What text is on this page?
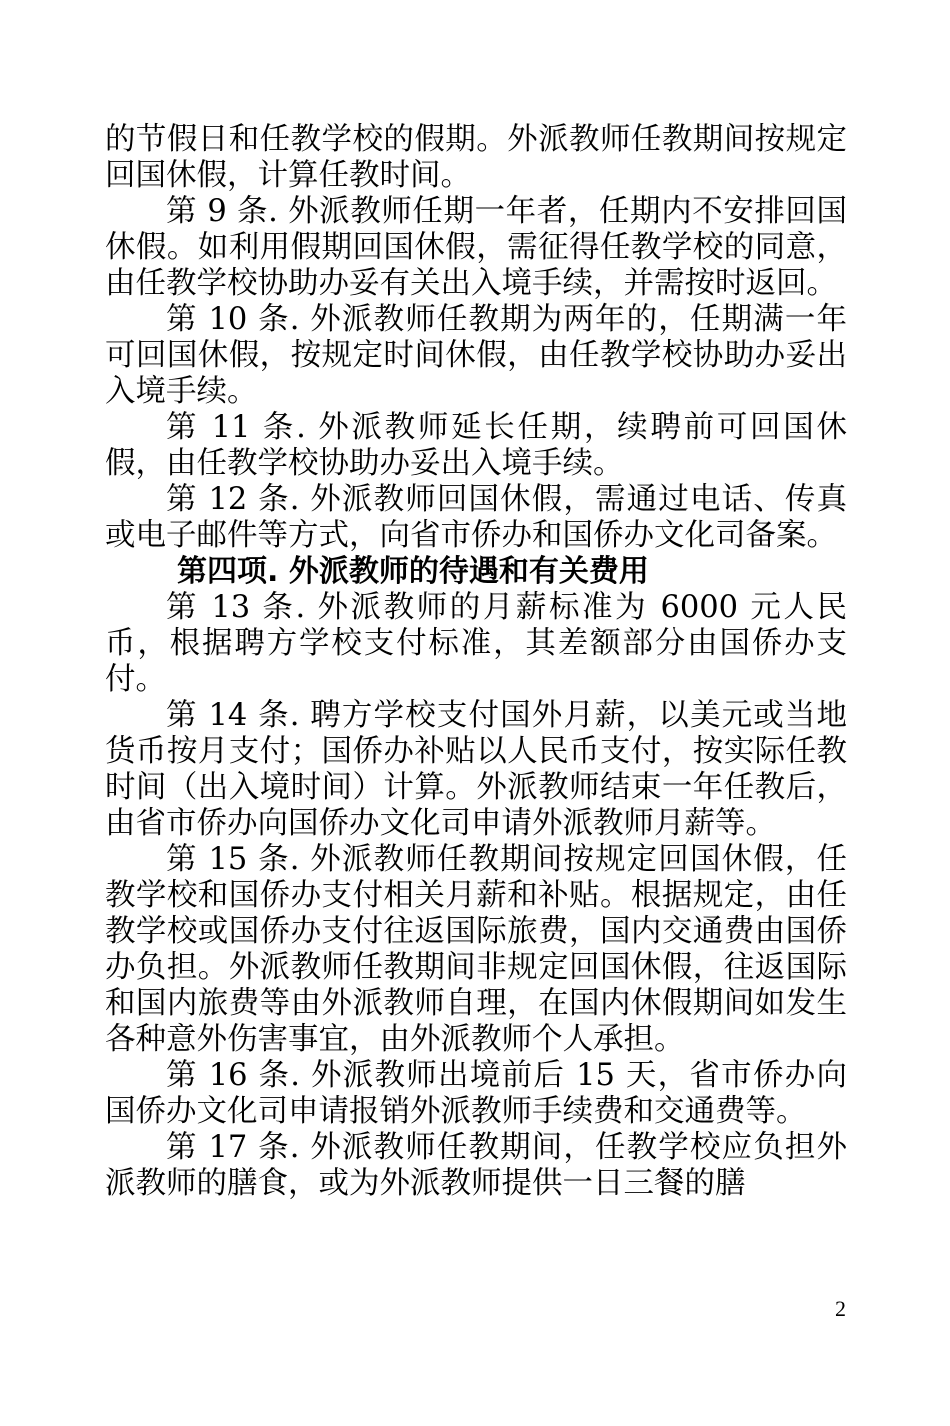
的节假日和任教学校的假期。外派教师任教期间按规定回国休假，计算任教时间。

第 9 条. 外派教师任期一年者，任期内不安排回国休假。如利用假期回国休假，需征得任教学校的同意，由任教学校协助办妥有关出入境手续，并需按时返回。

第 10 条. 外派教师任教期为两年的，任期满一年可回国休假，按规定时间休假，由任教学校协助办妥出入境手续。

第 11 条. 外派教师延长任期，续聘前可回国休假，由任教学校协助办妥出入境手续。

第 12 条. 外派教师回国休假，需通过电话、传真或电子邮件等方式，向省市侨办和国侨办文化司备案。

第四项. 外派教师的待遇和有关费用

第 13 条. 外派教师的月薪标准为 6000 元人民币，根据聘方学校支付标准，其差额部分由国侨办支付。

第 14 条. 聘方学校支付国外月薪，以美元或当地货币按月支付；国侨办补贴以人民币支付，按实际任教时间（出入境时间）计算。外派教师结束一年任教后，由省市侨办向国侨办文化司申请外派教师月薪等。

第 15 条. 外派教师任教期间按规定回国休假，任教学校和国侨办支付相关月薪和补贴。根据规定，由任教学校或国侨办支付往返国际旅费，国内交通费由国侨办负担。外派教师任教期间非规定回国休假，往返国际和国内旅费等由外派教师自理，在国内休假期间如发生各种意外伤害事宜，由外派教师个人承担。

第 16 条. 外派教师出境前后 15 天，省市侨办向国侨办文化司申请报销外派教师手续费和交通费等。

第 17 条. 外派教师任教期间，任教学校应负担外派教师的膳食，或为外派教师提供一日三餐的膳

2
